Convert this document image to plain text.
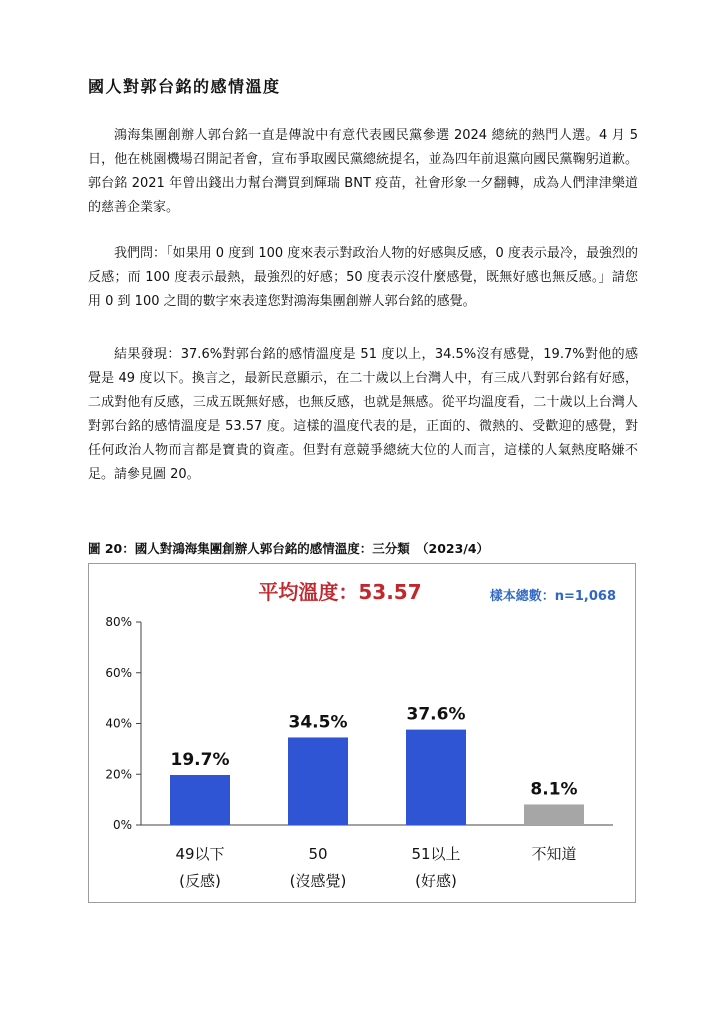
國人對郭台銘的感情溫度

鴻海集團創辦人郭台銘一直是傳說中有意代表國民黨參選 2024 總統的熱門人選。4 月 5 日，他在桃園機場召開記者會，宣布爭取國民黨總統提名，並為四年前退黨向國民黨鞠躬道歉。郭台銘 2021 年曾出錢出力幫台灣買到輝瑞 BNT 疫苗，社會形象一夕翻轉，成為人們津津樂道的慈善企業家。

我們問：「如果用 0 度到 100 度來表示對政治人物的好感與反感，0 度表示最冷，最強烈的反感；而 100 度表示最熱，最強烈的好感；50 度表示沒什麼感覺，既無好感也無反感。」請您用 0 到 100 之間的數字來表達您對鴻海集團創辦人郭台銘的感覺。

結果發現：37.6%對郭台銘的感情溫度是 51 度以上，34.5%沒有感覺，19.7%對他的感覺是 49 度以下。換言之，最新民意顯示，在二十歲以上台灣人中，有三成八對郭台銘有好感，二成對他有反感，三成五既無好感，也無反感，也就是無感。從平均溫度看，二十歲以上台灣人對郭台銘的感情溫度是 53.57 度。這樣的溫度代表的是，正面的、微熱的、受歡迎的感覺，對任何政治人物而言都是寶貴的資產。但對有意競爭總統大位的人而言，這樣的人氣熱度略嫌不足。請參見圖 20。

圖 20：國人對鴻海集團創辦人郭台銘的感情溫度：三分類　（2023/4）

平均溫度：53.57	樣本總數：n=1,068
0%
20%
40%
60%
80%
19.7%
34.5%	37.6%
8.1%
49以下
(反感)
50
(沒感覺)
51以上
(好感)
不知道
